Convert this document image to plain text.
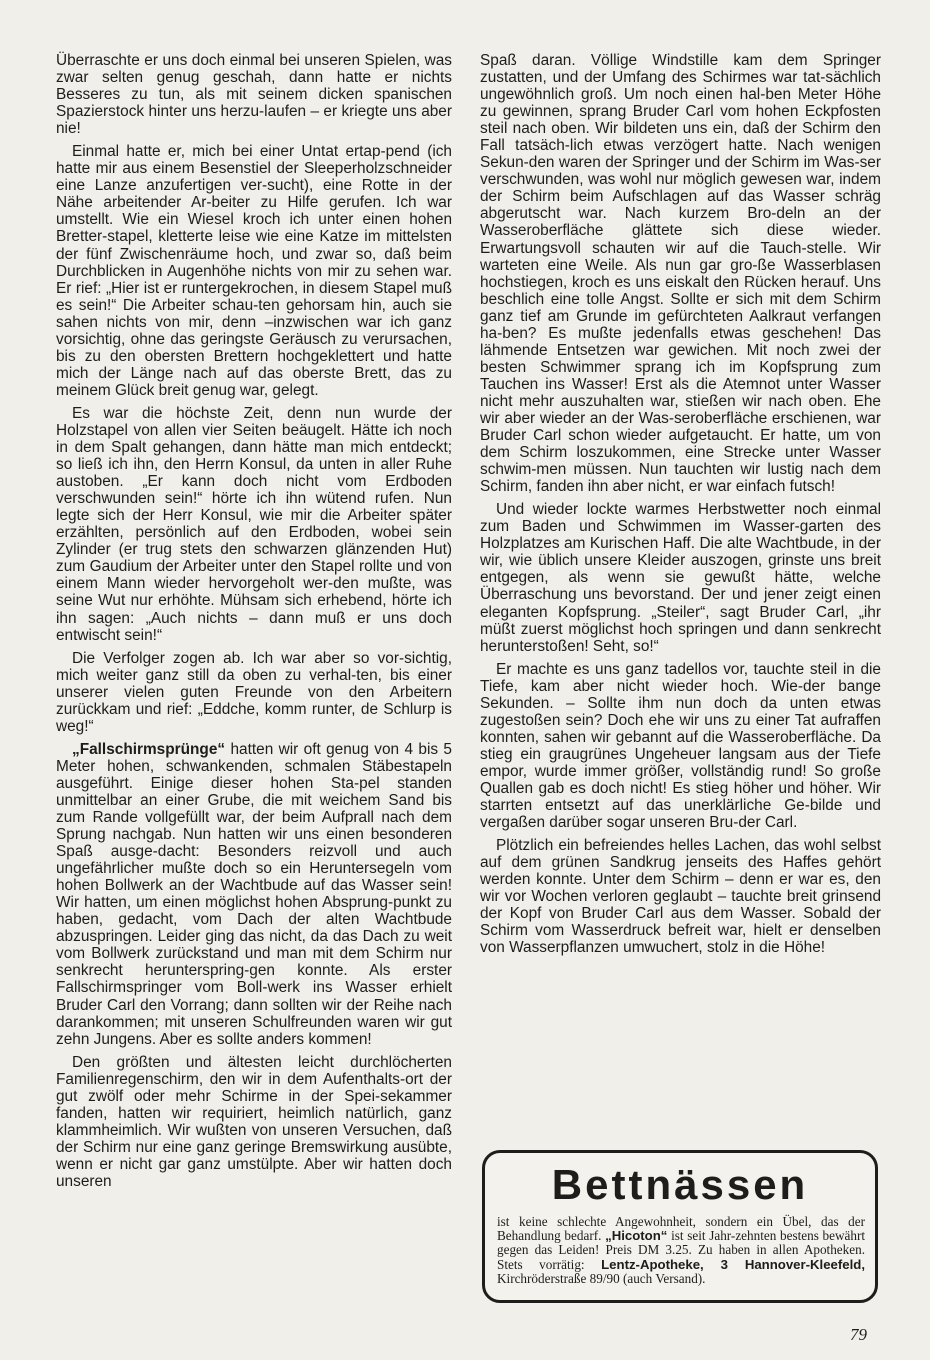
Überraschte er uns doch einmal bei unseren Spielen, was zwar selten genug geschah, dann hatte er nichts Besseres zu tun, als mit seinem dicken spanischen Spazierstock hinter uns herzu-laufen – er kriegte uns aber nie!

Einmal hatte er, mich bei einer Untat ertap-pend (ich hatte mir aus einem Besenstiel der Sleeperholzschneider eine Lanze anzufertigen ver-sucht), eine Rotte in der Nähe arbeitender Ar-beiter zu Hilfe gerufen. Ich war umstellt. Wie ein Wiesel kroch ich unter einen hohen Bretter-stapel, kletterte leise wie eine Katze im mittelsten der fünf Zwischenräume hoch, und zwar so, daß beim Durchblicken in Augenhöhe nichts von mir zu sehen war. Er rief: „Hier ist er runtergekrochen, in diesem Stapel muß es sein!“ Die Arbeiter schau-ten gehorsam hin, auch sie sahen nichts von mir, denn –inzwischen war ich ganz vorsichtig, ohne das geringste Geräusch zu verursachen, bis zu den obersten Brettern hochgeklettert und hatte mich der Länge nach auf das oberste Brett, das zu meinem Glück breit genug war, gelegt.

Es war die höchste Zeit, denn nun wurde der Holzstapel von allen vier Seiten beäugelt. Hätte ich noch in dem Spalt gehangen, dann hätte man mich entdeckt; so ließ ich ihn, den Herrn Konsul, da unten in aller Ruhe austoben. „Er kann doch nicht vom Erdboden verschwunden sein!“ hörte ich ihn wütend rufen. Nun legte sich der Herr Konsul, wie mir die Arbeiter später erzählten, persönlich auf den Erdboden, wobei sein Zylinder (er trug stets den schwarzen glänzenden Hut) zum Gaudium der Arbeiter unter den Stapel rollte und von einem Mann wieder hervorgeholt wer-den mußte, was seine Wut nur erhöhte. Mühsam sich erhebend, hörte ich ihn sagen: „Auch nichts – dann muß er uns doch entwischt sein!“

Die Verfolger zogen ab. Ich war aber so vor-sichtig, mich weiter ganz still da oben zu verhal-ten, bis einer unserer vielen guten Freunde von den Arbeitern zurückkam und rief: „Eddche, komm runter, de Schlurp is weg!“

„Fallschirmsprünge“ hatten wir oft genug von 4 bis 5 Meter hohen, schwankenden, schmalen Stäbestapeln ausgeführt. Einige dieser hohen Sta-pel standen unmittelbar an einer Grube, die mit weichem Sand bis zum Rande vollgefüllt war, der beim Aufprall nach dem Sprung nachgab. Nun hatten wir uns einen besonderen Spaß ausge-dacht: Besonders reizvoll und auch ungefährlicher mußte doch so ein Heruntersegeln vom hohen Bollwerk an der Wachtbude auf das Wasser sein! Wir hatten, um einen möglichst hohen Absprung-punkt zu haben, gedacht, vom Dach der alten Wachtbude abzuspringen. Leider ging das nicht, da das Dach zu weit vom Bollwerk zurückstand und man mit dem Schirm nur senkrecht herunterspring-gen konnte. Als erster Fallschirmspringer vom Boll-werk ins Wasser erhielt Bruder Carl den Vorrang; dann sollten wir der Reihe nach darankommen; mit unseren Schulfreunden waren wir gut zehn Jungens. Aber es sollte anders kommen!

Den größten und ältesten leicht durchlöcherten Familienregenschirm, den wir in dem Aufenthalts-ort der gut zwölf oder mehr Schirme in der Spei-sekammer fanden, hatten wir requiriert, heimlich natürlich, ganz klammheimlich. Wir wußten von unseren Versuchen, daß der Schirm nur eine ganz geringe Bremswirkung ausübte, wenn er nicht gar ganz umstülpte. Aber wir hatten doch unseren

Spaß daran. Völlige Windstille kam dem Springer zustatten, und der Umfang des Schirmes war tat-sächlich ungewöhnlich groß. Um noch einen hal-ben Meter Höhe zu gewinnen, sprang Bruder Carl vom hohen Eckpfosten steil nach oben. Wir bildeten uns ein, daß der Schirm den Fall tatsäch-lich etwas verzögert hatte. Nach wenigen Sekun-den waren der Springer und der Schirm im Was-ser verschwunden, was wohl nur möglich gewesen war, indem der Schirm beim Aufschlagen auf das Wasser schräg abgerutscht war. Nach kurzem Bro-deln an der Wasseroberfläche glättete sich diese wieder. Erwartungsvoll schauten wir auf die Tauch-stelle. Wir warteten eine Weile. Als nun gar gro-ße Wasserblasen hochstiegen, kroch es uns eiskalt den Rücken herauf. Uns beschlich eine tolle Angst. Sollte er sich mit dem Schirm ganz tief am Grunde im gefürchteten Aalkraut verfangen ha-ben? Es mußte jedenfalls etwas geschehen! Das lähmende Entsetzen war gewichen. Mit noch zwei der besten Schwimmer sprang ich im Kopfsprung zum Tauchen ins Wasser! Erst als die Atemnot unter Wasser nicht mehr auszuhalten war, stießen wir nach oben. Ehe wir aber wieder an der Was-seroberfläche erschienen, war Bruder Carl schon wieder aufgetaucht. Er hatte, um von dem Schirm loszukommen, eine Strecke unter Wasser schwim-men müssen. Nun tauchten wir lustig nach dem Schirm, fanden ihn aber nicht, er war einfach futsch!

Und wieder lockte warmes Herbstwetter noch einmal zum Baden und Schwimmen im Wasser-garten des Holzplatzes am Kurischen Haff. Die alte Wachtbude, in der wir, wie üblich unsere Kleider auszogen, grinste uns breit entgegen, als wenn sie gewußt hätte, welche Überraschung uns bevorstand. Der und jener zeigt einen eleganten Kopfsprung. „Steiler“, sagt Bruder Carl, „ihr müßt zuerst möglichst hoch springen und dann senkrecht herunterstoßen! Seht, so!“

Er machte es uns ganz tadellos vor, tauchte steil in die Tiefe, kam aber nicht wieder hoch. Wie-der bange Sekunden. – Sollte ihm nun doch da unten etwas zugestoßen sein? Doch ehe wir uns zu einer Tat aufraffen konnten, sahen wir gebannt auf die Wasseroberfläche. Da stieg ein graugrünes Ungeheuer langsam aus der Tiefe empor, wurde immer größer, vollständig rund! So große Quallen gab es doch nicht! Es stieg höher und höher. Wir starrten entsetzt auf das unerklärliche Ge-bilde und vergaßen darüber sogar unseren Bru-der Carl.

Plötzlich ein befreiendes helles Lachen, das wohl selbst auf dem grünen Sandkrug jenseits des Haffes gehört werden konnte. Unter dem Schirm – denn er war es, den wir vor Wochen verloren geglaubt – tauchte breit grinsend der Kopf von Bruder Carl aus dem Wasser. Sobald der Schirm vom Wasserdruck befreit war, hielt er denselben von Wasserpflanzen umwuchert, stolz in die Höhe!

Bettnässen
ist keine schlechte Angewohnheit, sondern ein Übel, das der Behandlung bedarf. „Hicoton“ ist seit Jahr-zehnten bestens bewährt gegen das Leiden! Preis DM 3.25. Zu haben in allen Apotheken. Stets vorrätig: Lentz-Apotheke, 3 Hannover-Kleefeld, Kirchröderstraße 89/90 (auch Versand).
79
